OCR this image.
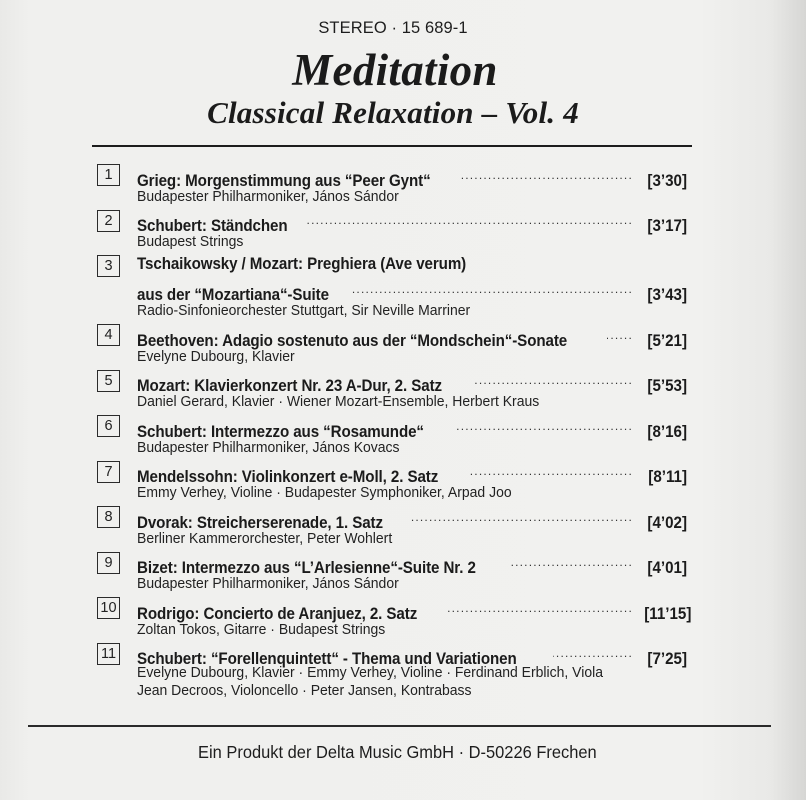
STEREO · 15 689-1
Meditation
Classical Relaxation – Vol. 4
1	Grieg: Morgenstimmung aus “Peer Gynt“ .....	[3’30]
Budapester Philharmoniker, János Sándor
2	Schubert: Ständchen .....	[3’17]
Budapest Strings
3	Tschaikowsky / Mozart: Preghiera (Ave verum)
aus der “Mozartiana“-Suite .....	[3’43]
Radio-Sinfonieorchester Stuttgart, Sir Neville Marriner
4	Beethoven: Adagio sostenuto aus der “Mondschein“-Sonate .....	[5’21]
Evelyne Dubourg, Klavier
5	Mozart: Klavierkonzert Nr. 23 A-Dur, 2. Satz .....	[5’53]
Daniel Gerard, Klavier · Wiener Mozart-Ensemble, Herbert Kraus
6	Schubert: Intermezzo aus “Rosamunde“ .....	[8’16]
Budapester Philharmoniker, János Kovacs
7	Mendelssohn: Violinkonzert e-Moll, 2. Satz .....	[8’11]
Emmy Verhey, Violine · Budapester Symphoniker, Arpad Joo
8	Dvorak: Streicherserenade, 1. Satz .....	[4’02]
Berliner Kammerorchester, Peter Wohlert
9	Bizet: Intermezzo aus “L’Arlesienne“-Suite Nr. 2 .....	[4’01]
Budapester Philharmoniker, János Sándor
10 Rodrigo: Concierto de Aranjuez, 2. Satz .....	[11’15]
Zoltan Tokos, Gitarre · Budapest Strings
11 Schubert: “Forellenquintett“ - Thema und Variationen .....	[7’25]
Evelyne Dubourg, Klavier · Emmy Verhey, Violine · Ferdinand Erblich, Viola
Jean Decroos, Violoncello · Peter Jansen, Kontrabass
Ein Produkt der Delta Music GmbH · D-50226 Frechen
